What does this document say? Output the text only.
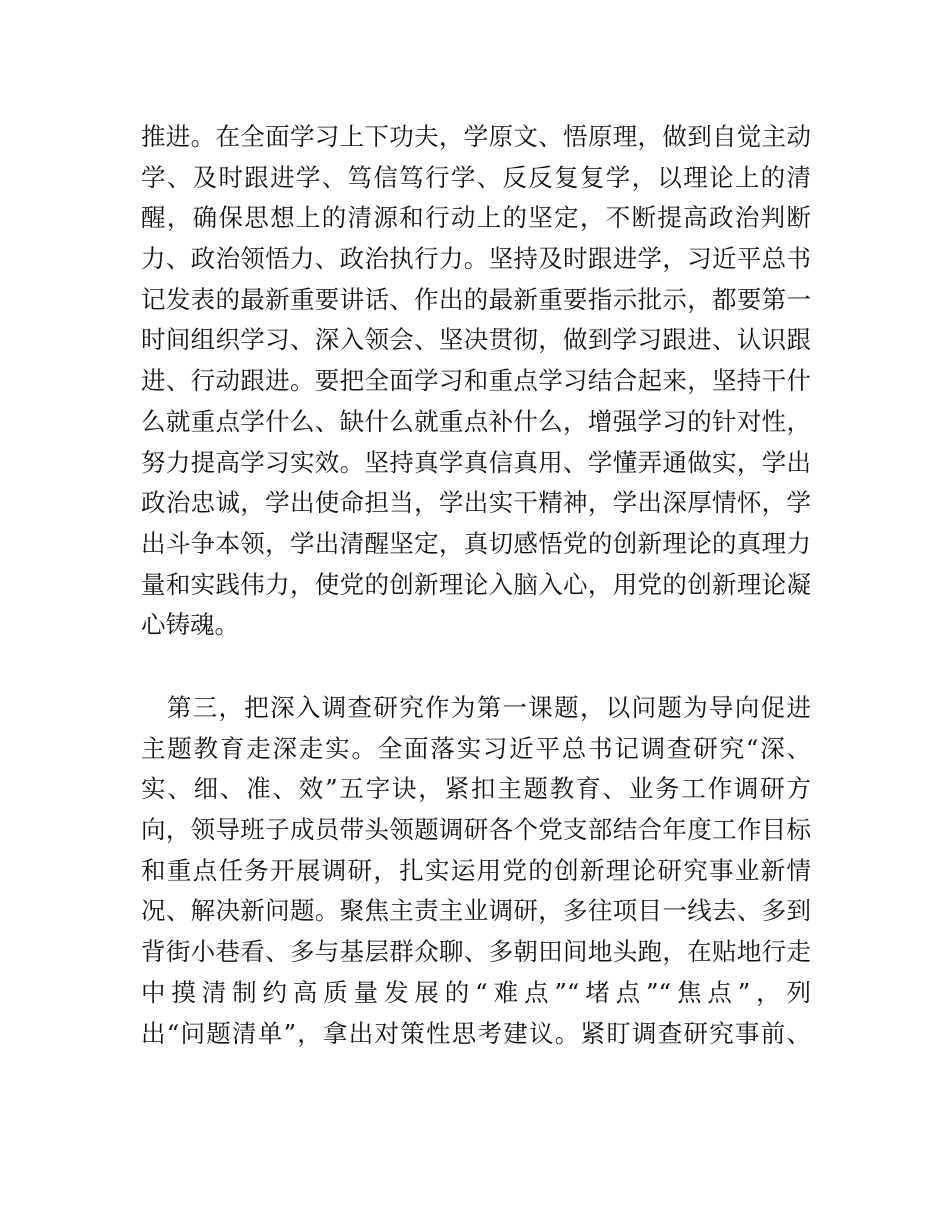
推进。在全面学习上下功夫，学原文、悟原理，做到自觉主动
学、及时跟进学、笃信笃行学、反反复复学，以理论上的清
醒，确保思想上的清源和行动上的坚定，不断提高政治判断
力、政治领悟力、政治执行力。坚持及时跟进学，习近平总书
记发表的最新重要讲话、作出的最新重要指示批示，都要第一
时间组织学习、深入领会、坚决贯彻，做到学习跟进、认识跟
进、行动跟进。要把全面学习和重点学习结合起来，坚持干什
么就重点学什么、缺什么就重点补什么，增强学习的针对性，
努力提高学习实效。坚持真学真信真用、学懂弄通做实，学出
政治忠诚，学出使命担当，学出实干精神，学出深厚情怀，学
出斗争本领，学出清醒坚定，真切感悟党的创新理论的真理力
量和实践伟力，使党的创新理论入脑入心，用党的创新理论凝
心铸魂。
　第三，把深入调查研究作为第一课题，以问题为导向促进
主题教育走深走实。全面落实习近平总书记调查研究“深、
实、细、准、效”五字诀，紧扣主题教育、业务工作调研方
向，领导班子成员带头领题调研各个党支部结合年度工作目标
和重点任务开展调研，扎实运用党的创新理论研究事业新情
况、解决新问题。聚焦主责主业调研，多往项目一线去、多到
背街小巷看、多与基层群众聊、多朝田间地头跑，在贴地行走
中摸清制约高质量发展的“难点”“堵点”“焦点”，列
出“问题清单”，拿出对策性思考建议。紧盯调查研究事前、
